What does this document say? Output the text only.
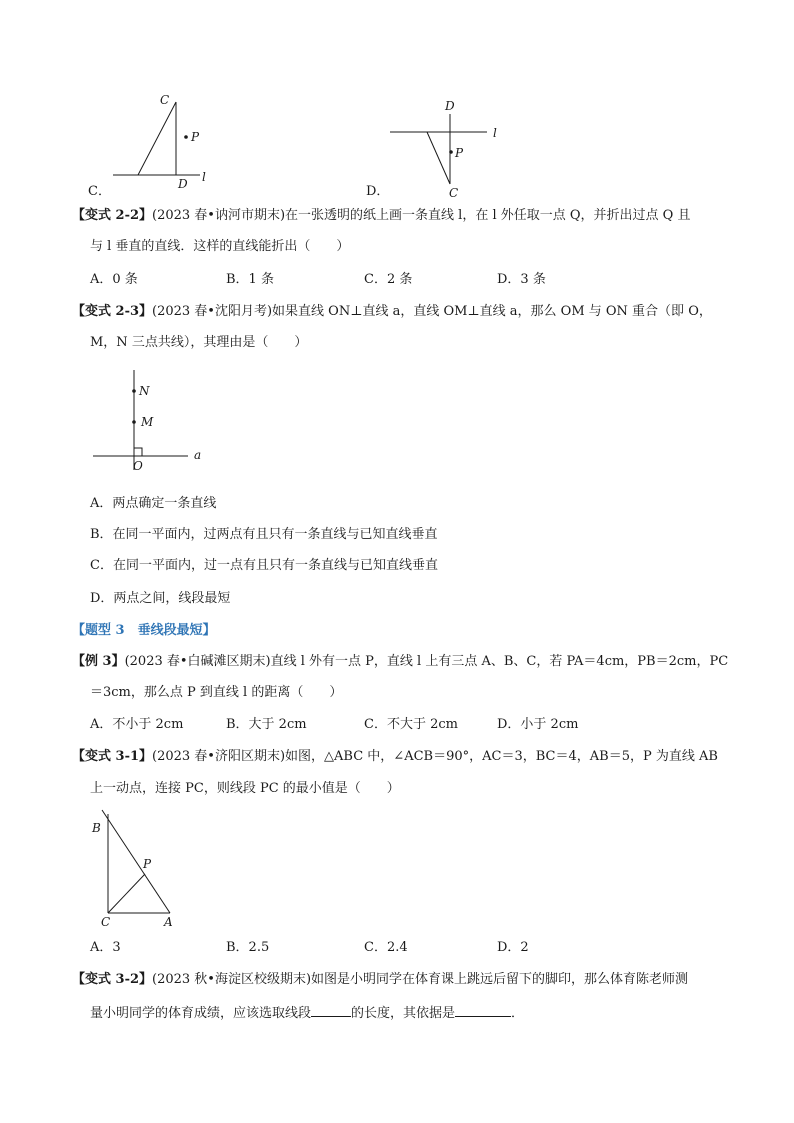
C
P
D l
C．
D
l
P
C
D．
【变式 2-2】(2023 春•讷河市期末)在一张透明的纸上画一条直线 l，在 l 外任取一点 Q，并折出过点 Q 且
与 l 垂直的直线．这样的直线能折出（　　）
A．0 条	B．1 条	C．2 条	D．3 条
【变式 2-3】(2023 春•沈阳月考)如果直线 ON⊥直线 a，直线 OM⊥直线 a，那么 OM 与 ON 重合（即 O，
M，N 三点共线），其理由是（　　）
N
M
O
a
A．两点确定一条直线
B．在同一平面内，过两点有且只有一条直线与已知直线垂直
C．在同一平面内，过一点有且只有一条直线与已知直线垂直
D．两点之间，线段最短
【题型 3　垂线段最短】
【例 3】(2023 春•白碱滩区期末)直线 l 外有一点 P，直线 l 上有三点 A、B、C，若 PA＝4cm，PB＝2cm，PC
＝3cm，那么点 P 到直线 l 的距离（　　）
A．不小于 2cm	B．大于 2cm	C．不大于 2cm	D．小于 2cm
【变式 3-1】(2023 春•济阳区期末)如图，△ABC 中，∠ACB＝90°，AC＝3，BC＝4，AB＝5，P 为直线 AB
上一动点，连接 PC，则线段 PC 的最小值是（　　）
B
P
C	A
A．3	B．2.5	C．2.4	D．2
【变式 3-2】(2023 秋•海淀区校级期末)如图是小明同学在体育课上跳远后留下的脚印，那么体育陈老师测
量小明同学的体育成绩，应该选取线段	的长度，其依据是	．
